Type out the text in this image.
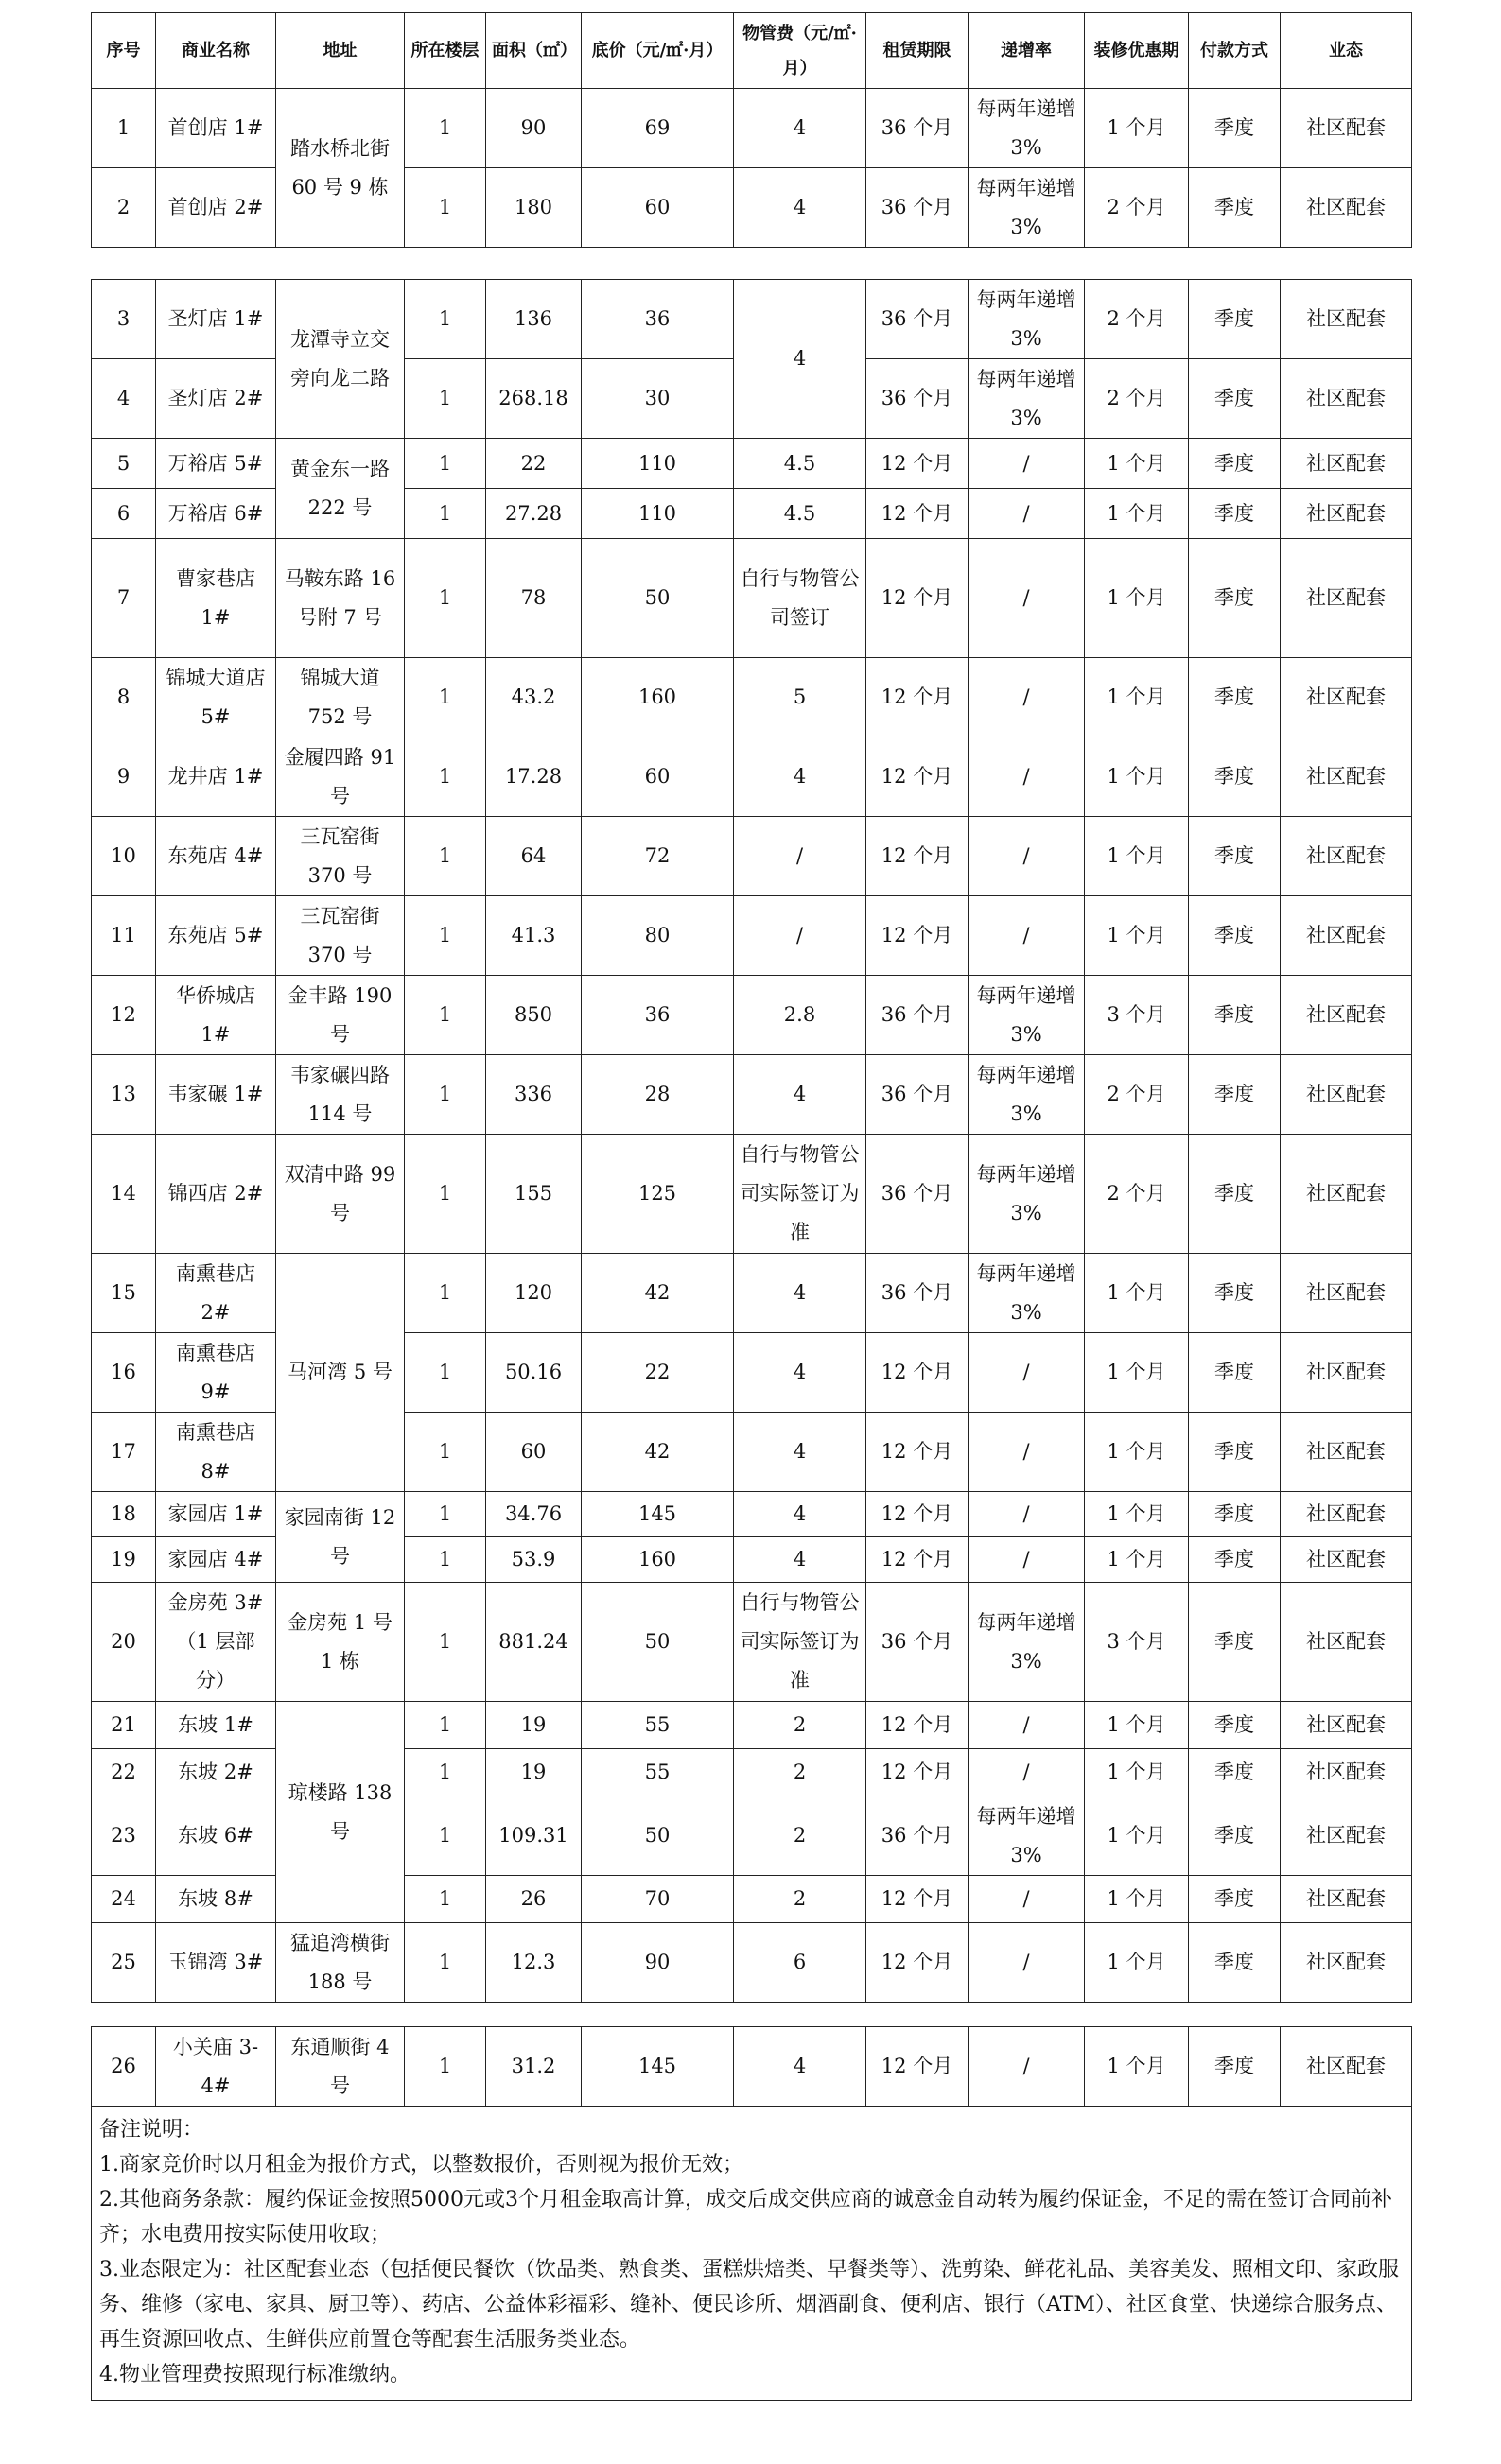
序号	商业名称	地址	所在楼层	面积（㎡）	底价（元/㎡·月）	物管费（元/㎡·月）	租赁期限	递增率	装修优惠期	付款方式	业态
1	首创店 1#	踏水桥北街 60 号 9 栋	1	90	69	4	36 个月	每两年递增 3%	1 个月	季度	社区配套
2	首创店 2#		1	180	60	4	36 个月	每两年递增 3%	2 个月	季度	社区配套
3	圣灯店 1#	龙潭寺立交旁向龙二路	1	136	36	4	36 个月	每两年递增 3%	2 个月	季度	社区配套
4	圣灯店 2#		1	268.18	30		36 个月	每两年递增 3%	2 个月	季度	社区配套
5	万裕店 5#	黄金东一路 222 号	1	22	110	4.5	12 个月	/	1 个月	季度	社区配套
6	万裕店 6#		1	27.28	110	4.5	12 个月	/	1 个月	季度	社区配套
7	曹家巷店 1#	马鞍东路 16 号附 7 号	1	78	50	自行与物管公司签订	12 个月	/	1 个月	季度	社区配套
8	锦城大道店 5#	锦城大道 752 号	1	43.2	160	5	12 个月	/	1 个月	季度	社区配套
9	龙井店 1#	金履四路 91 号	1	17.28	60	4	12 个月	/	1 个月	季度	社区配套
10	东苑店 4#	三瓦窑街 370 号	1	64	72	/	12 个月	/	1 个月	季度	社区配套
11	东苑店 5#	三瓦窑街 370 号	1	41.3	80	/	12 个月	/	1 个月	季度	社区配套
12	华侨城店 1#	金丰路 190 号	1	850	36	2.8	36 个月	每两年递增 3%	3 个月	季度	社区配套
13	韦家碾 1#	韦家碾四路 114 号	1	336	28	4	36 个月	每两年递增 3%	2 个月	季度	社区配套
14	锦西店 2#	双清中路 99 号	1	155	125	自行与物管公司实际签订为准	36 个月	每两年递增 3%	2 个月	季度	社区配套
15	南熏巷店 2#	马河湾 5 号	1	120	42	4	36 个月	每两年递增 3%	1 个月	季度	社区配套
16	南熏巷店 9#		1	50.16	22	4	12 个月	/	1 个月	季度	社区配套
17	南熏巷店 8#		1	60	42	4	12 个月	/	1 个月	季度	社区配套
18	家园店 1#	家园南街 12 号	1	34.76	145	4	12 个月	/	1 个月	季度	社区配套
19	家园店 4#		1	53.9	160	4	12 个月	/	1 个月	季度	社区配套
20	金房苑 3#（1 层部分）	金房苑 1 号 1 栋	1	881.24	50	自行与物管公司实际签订为准	36 个月	每两年递增 3%	3 个月	季度	社区配套
21	东坡 1#	琼楼路 138 号	1	19	55	2	12 个月	/	1 个月	季度	社区配套
22	东坡 2#		1	19	55	2	12 个月	/	1 个月	季度	社区配套
23	东坡 6#		1	109.31	50	2	36 个月	每两年递增 3%	1 个月	季度	社区配套
24	东坡 8#		1	26	70	2	12 个月	/	1 个月	季度	社区配套
25	玉锦湾 3#	猛追湾横街 188 号	1	12.3	90	6	12 个月	/	1 个月	季度	社区配套
26	小关庙 3-4#	东通顺街 4 号	1	31.2	145	4	12 个月	/	1 个月	季度	社区配套

备注说明：

1.商家竞价时以月租金为报价方式，以整数报价，否则视为报价无效；

2.其他商务条款：履约保证金按照5000元或3个月租金取高计算，成交后成交供应商的诚意金自动转为履约保证金，不足的需在签订合同前补齐；水电费用按实际使用收取；

3.业态限定为：社区配套业态（包括便民餐饮（饮品类、熟食类、蛋糕烘焙类、早餐类等）、洗剪染、鲜花礼品、美容美发、照相文印、家政服务、维修（家电、家具、厨卫等）、药店、公益体彩福彩、缝补、便民诊所、烟酒副食、便利店、银行（ATM）、社区食堂、快递综合服务点、再生资源回收点、生鲜供应前置仓等配套生活服务类业态。

4.物业管理费按照现行标准缴纳。
